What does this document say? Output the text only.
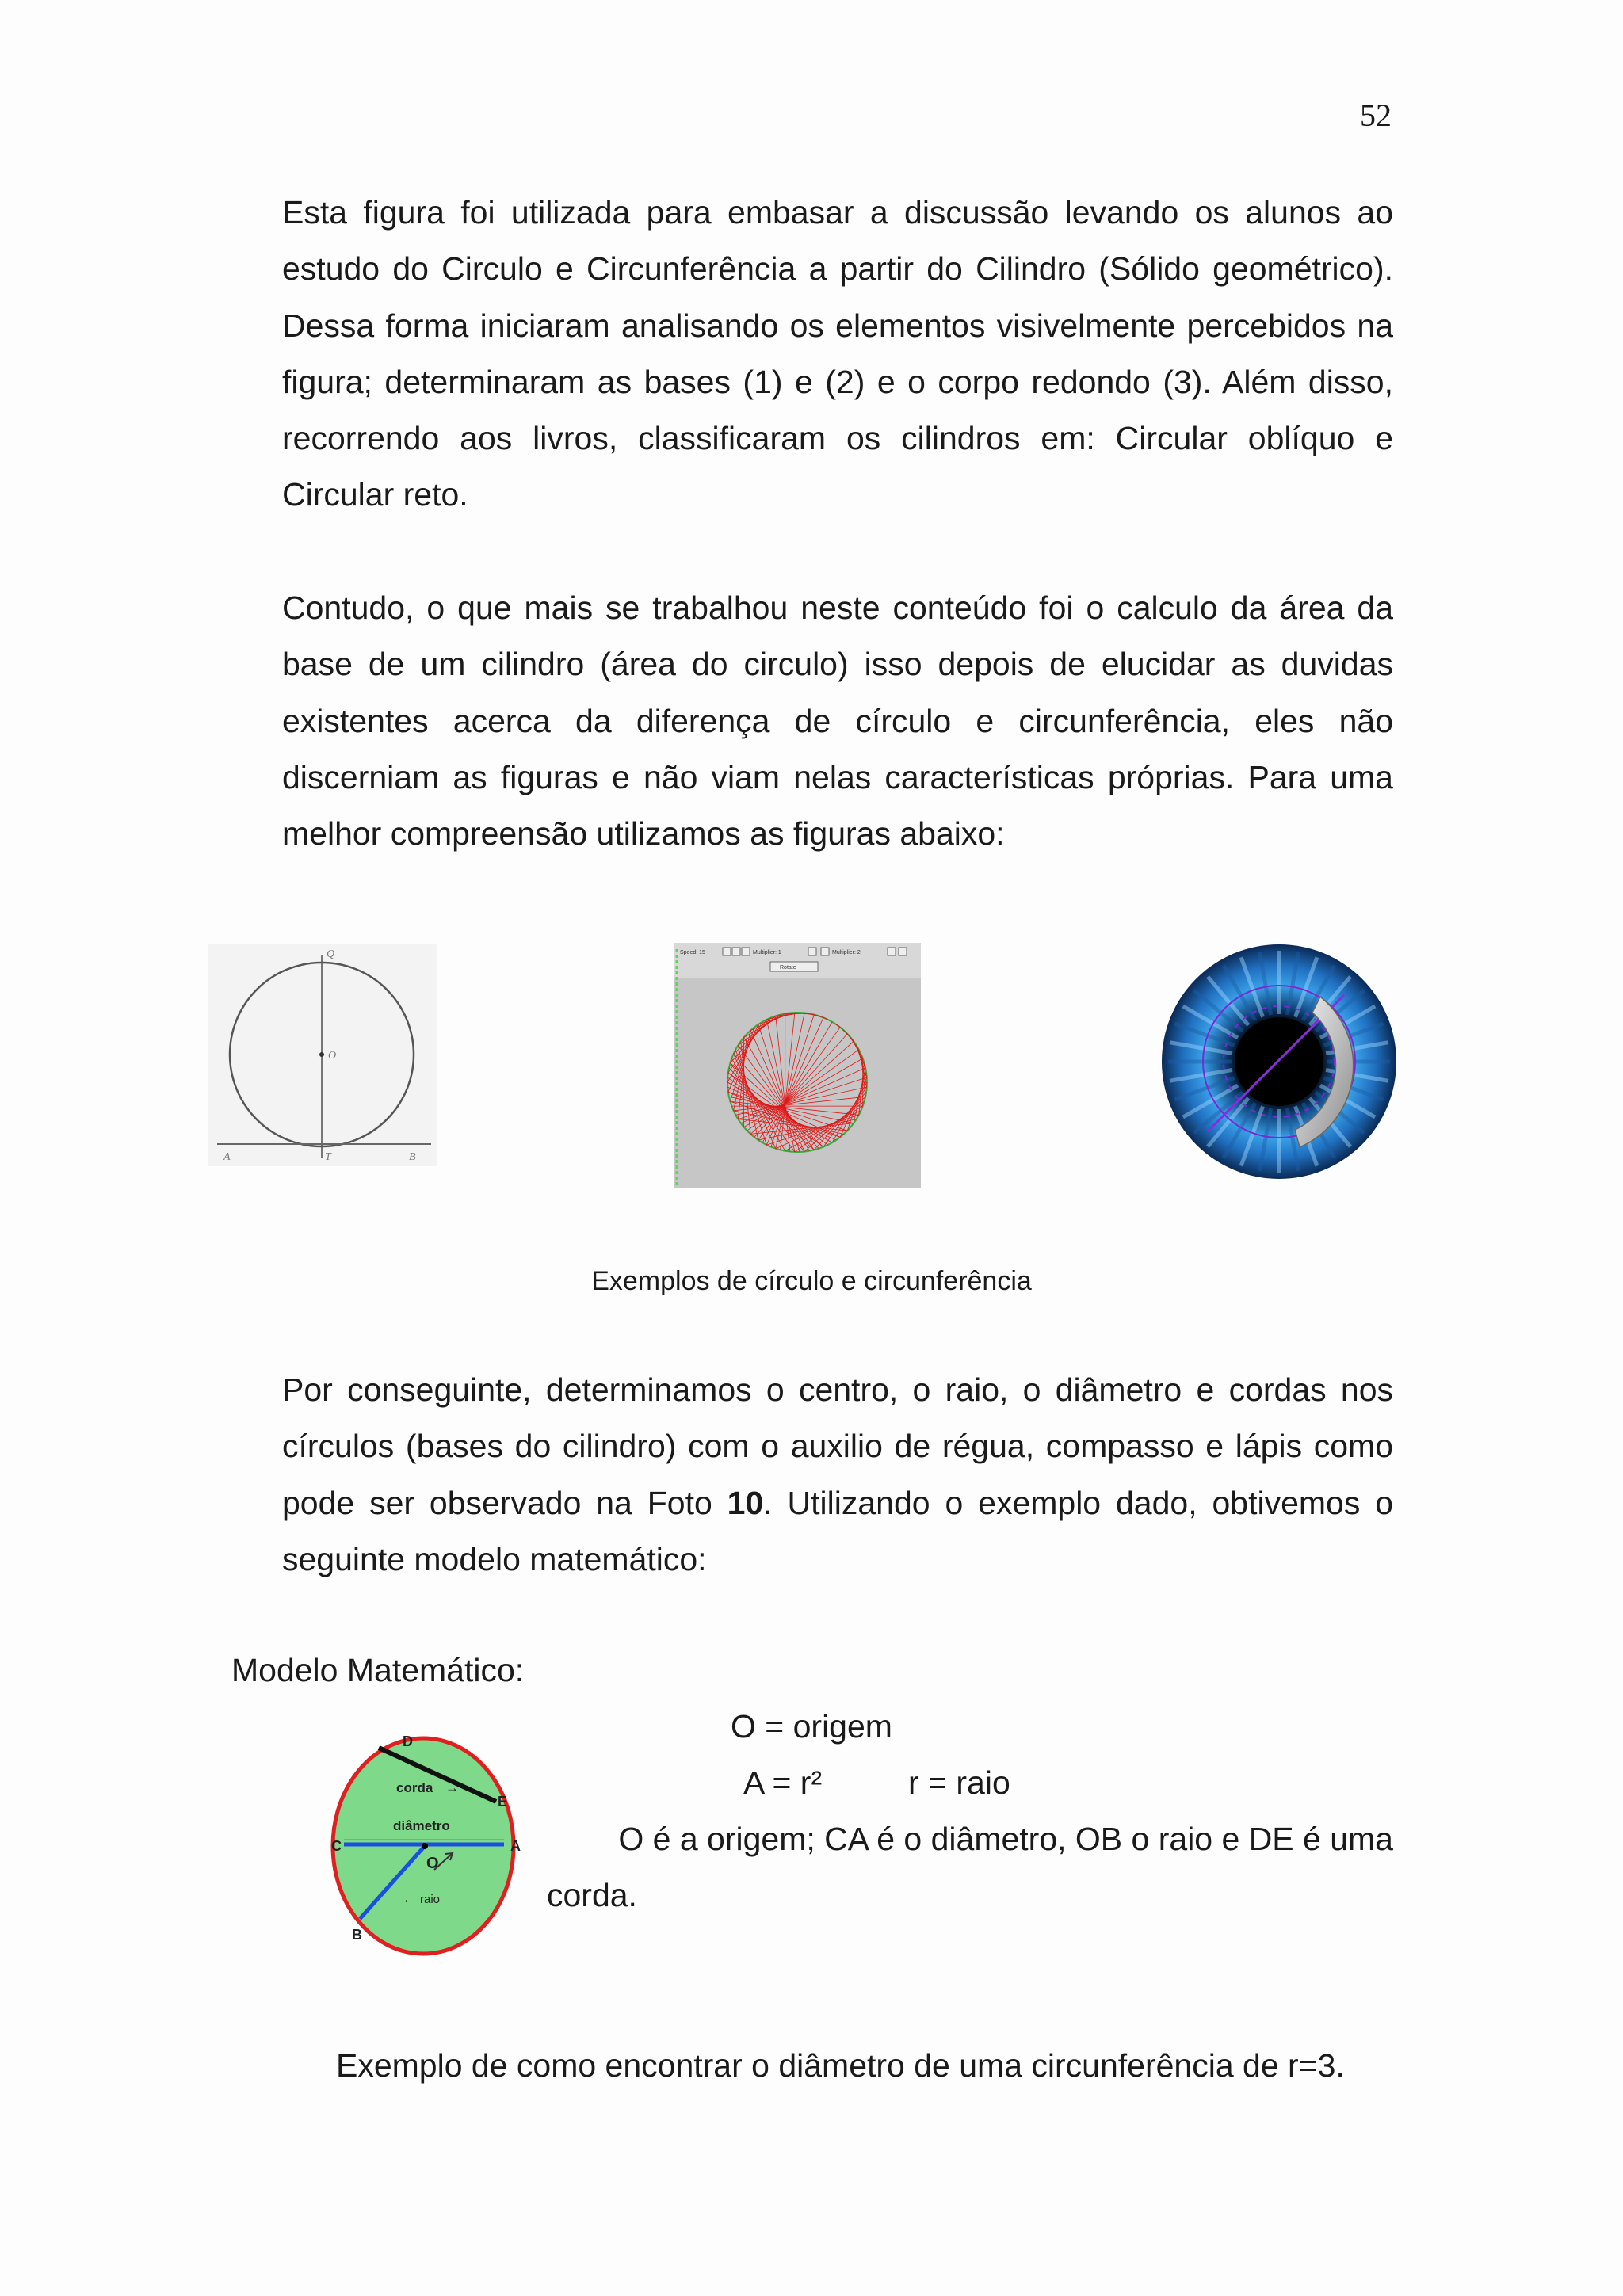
52
Esta figura foi utilizada para embasar a discussão levando os alunos ao
estudo do Circulo e Circunferência a partir do Cilindro (Sólido geométrico).
Dessa forma iniciaram analisando os elementos visivelmente percebidos na
figura; determinaram as bases (1) e (2) e o corpo redondo (3). Além disso,
recorrendo aos livros, classificaram os cilindros em: Circular oblíquo e
Circular reto.
Contudo, o que mais se trabalhou neste conteúdo foi o calculo da área da
base de um cilindro (área do circulo) isso depois de elucidar as duvidas
existentes acerca da diferença de círculo e circunferência, eles não
discerniam as figuras e não viam nelas características próprias. Para uma
melhor compreensão utilizamos as figuras abaixo:
Q
O
A	T	B
Speed: 15	Multiplier: 1	Multiplier: 2
Rotate
Exemplos de círculo e circunferência
Por conseguinte, determinamos o centro, o raio, o diâmetro e cordas nos
círculos (bases do cilindro) com o auxilio de régua, compasso e lápis como
pode ser observado na Foto 10. Utilizando o exemplo dado, obtivemos o
seguinte modelo matemático:
Modelo Matemático:
D
E
C	A
B
O
corda →
diâmetro
← raio
O = origem
A = r²	r = raio
O é a origem; CA é o diâmetro, OB o raio e DE é uma
corda.
Exemplo de como encontrar o diâmetro de uma circunferência de r=3.
